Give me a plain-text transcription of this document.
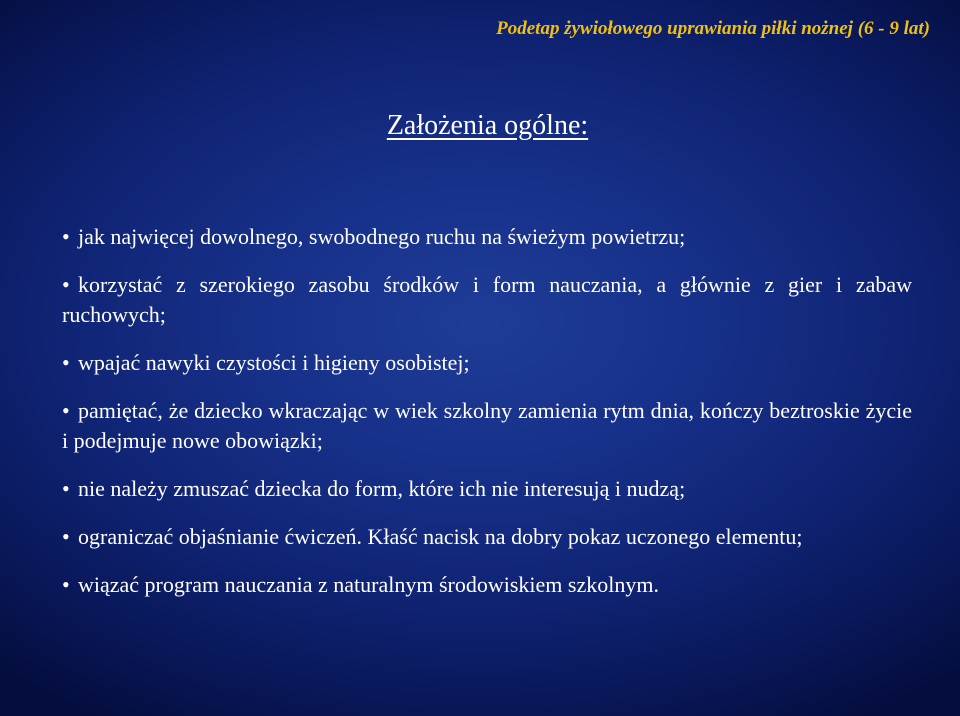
Podetap żywiołowego uprawiania piłki nożnej (6 - 9 lat)
Założenia ogólne:
• jak najwięcej dowolnego, swobodnego ruchu na świeżym powietrzu;
• korzystać z szerokiego zasobu środków i form nauczania, a głównie z gier i zabaw ruchowych;
• wpajać nawyki czystości i higieny osobistej;
• pamiętać, że dziecko wkraczając w wiek szkolny zamienia rytm dnia, kończy beztroskie życie i podejmuje nowe obowiązki;
• nie należy zmuszać dziecka do form, które ich nie interesują i nudzą;
• ograniczać objaśnianie ćwiczeń. Kłaść nacisk na dobry pokaz uczonego elementu;
• wiązać program nauczania z naturalnym środowiskiem szkolnym.
